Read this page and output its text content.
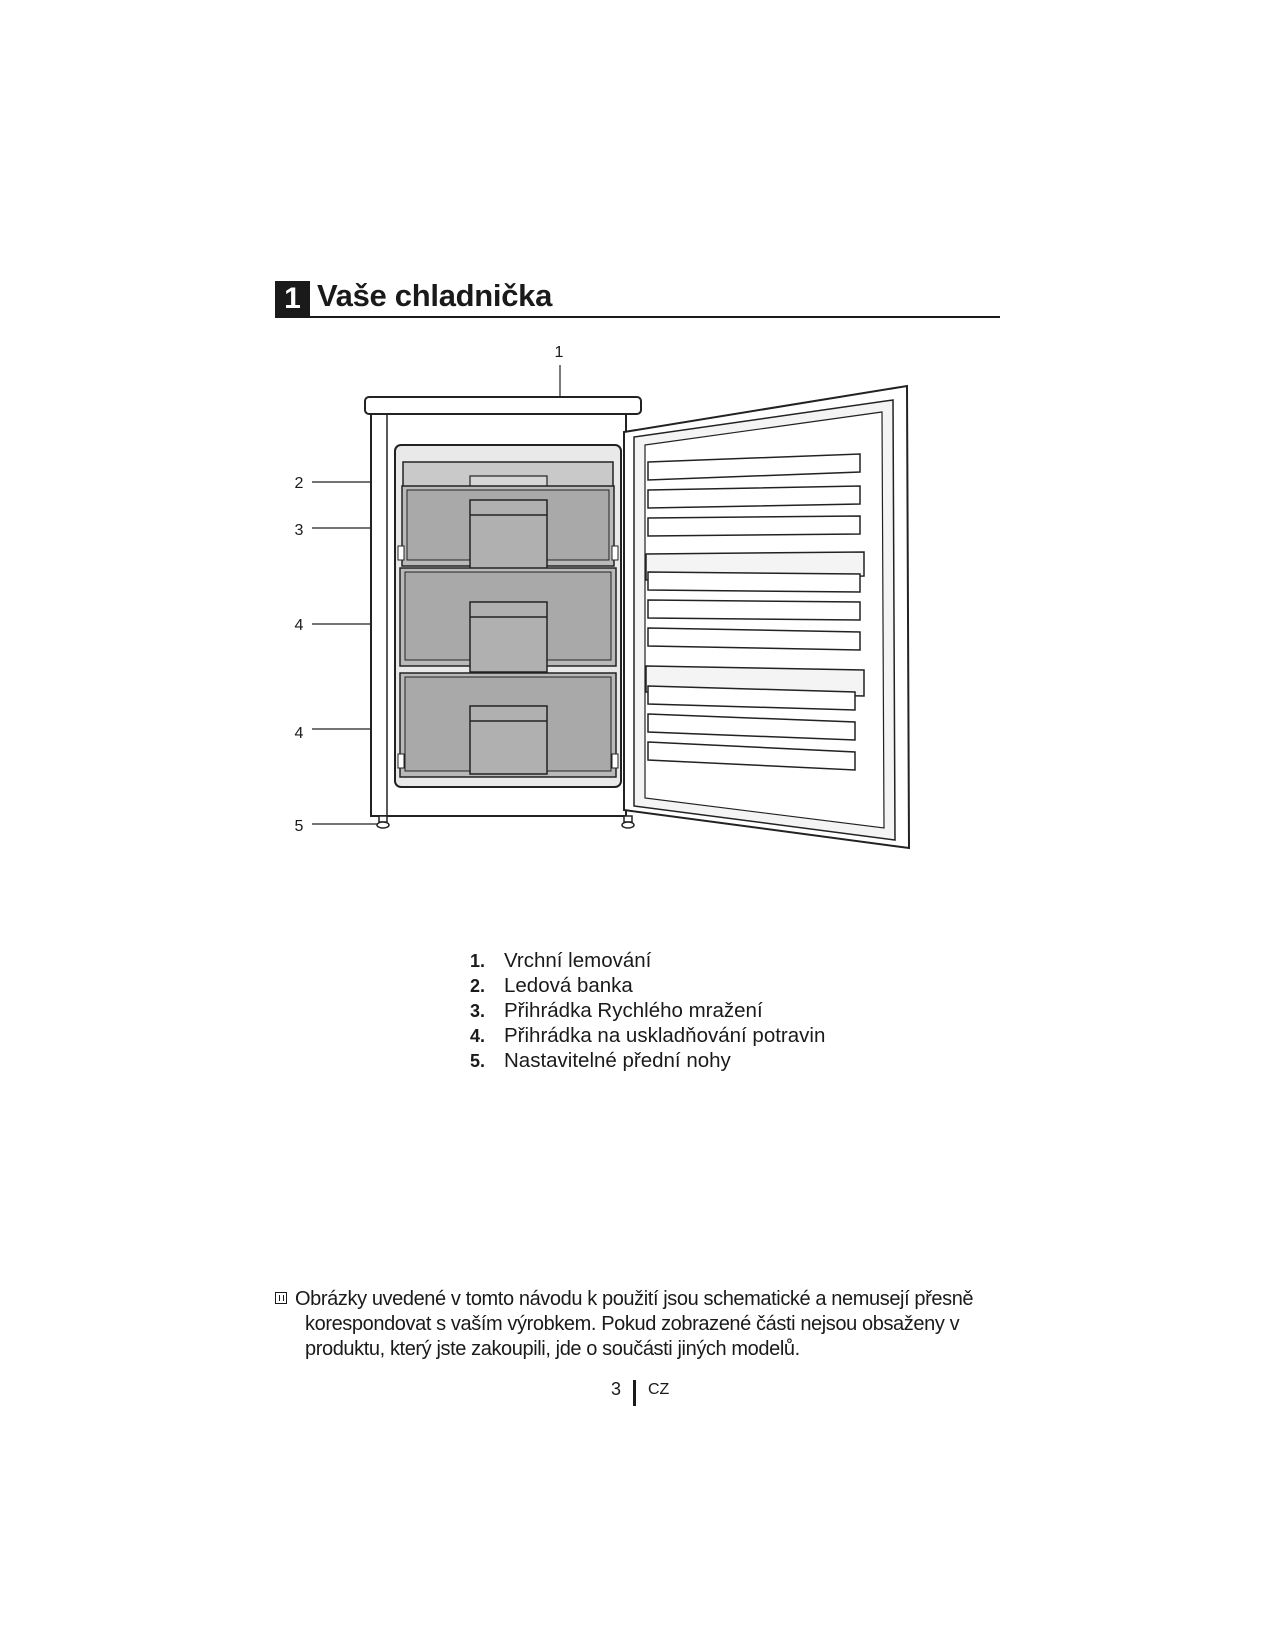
1 Vaše chladnička
1
2
3
4
4
5
1. Vrchní lemování
2. Ledová banka
3. Přihrádka Rychlého mražení
4. Přihrádka na uskladňování potravin
5. Nastavitelné přední nohy
Obrázky uvedené v tomto návodu k použití jsou schematické a nemusejí přesně
korespondovat s vaším výrobkem. Pokud zobrazené části nejsou obsaženy v
produktu, který jste zakoupili, jde o součásti jiných modelů.
3 CZ
